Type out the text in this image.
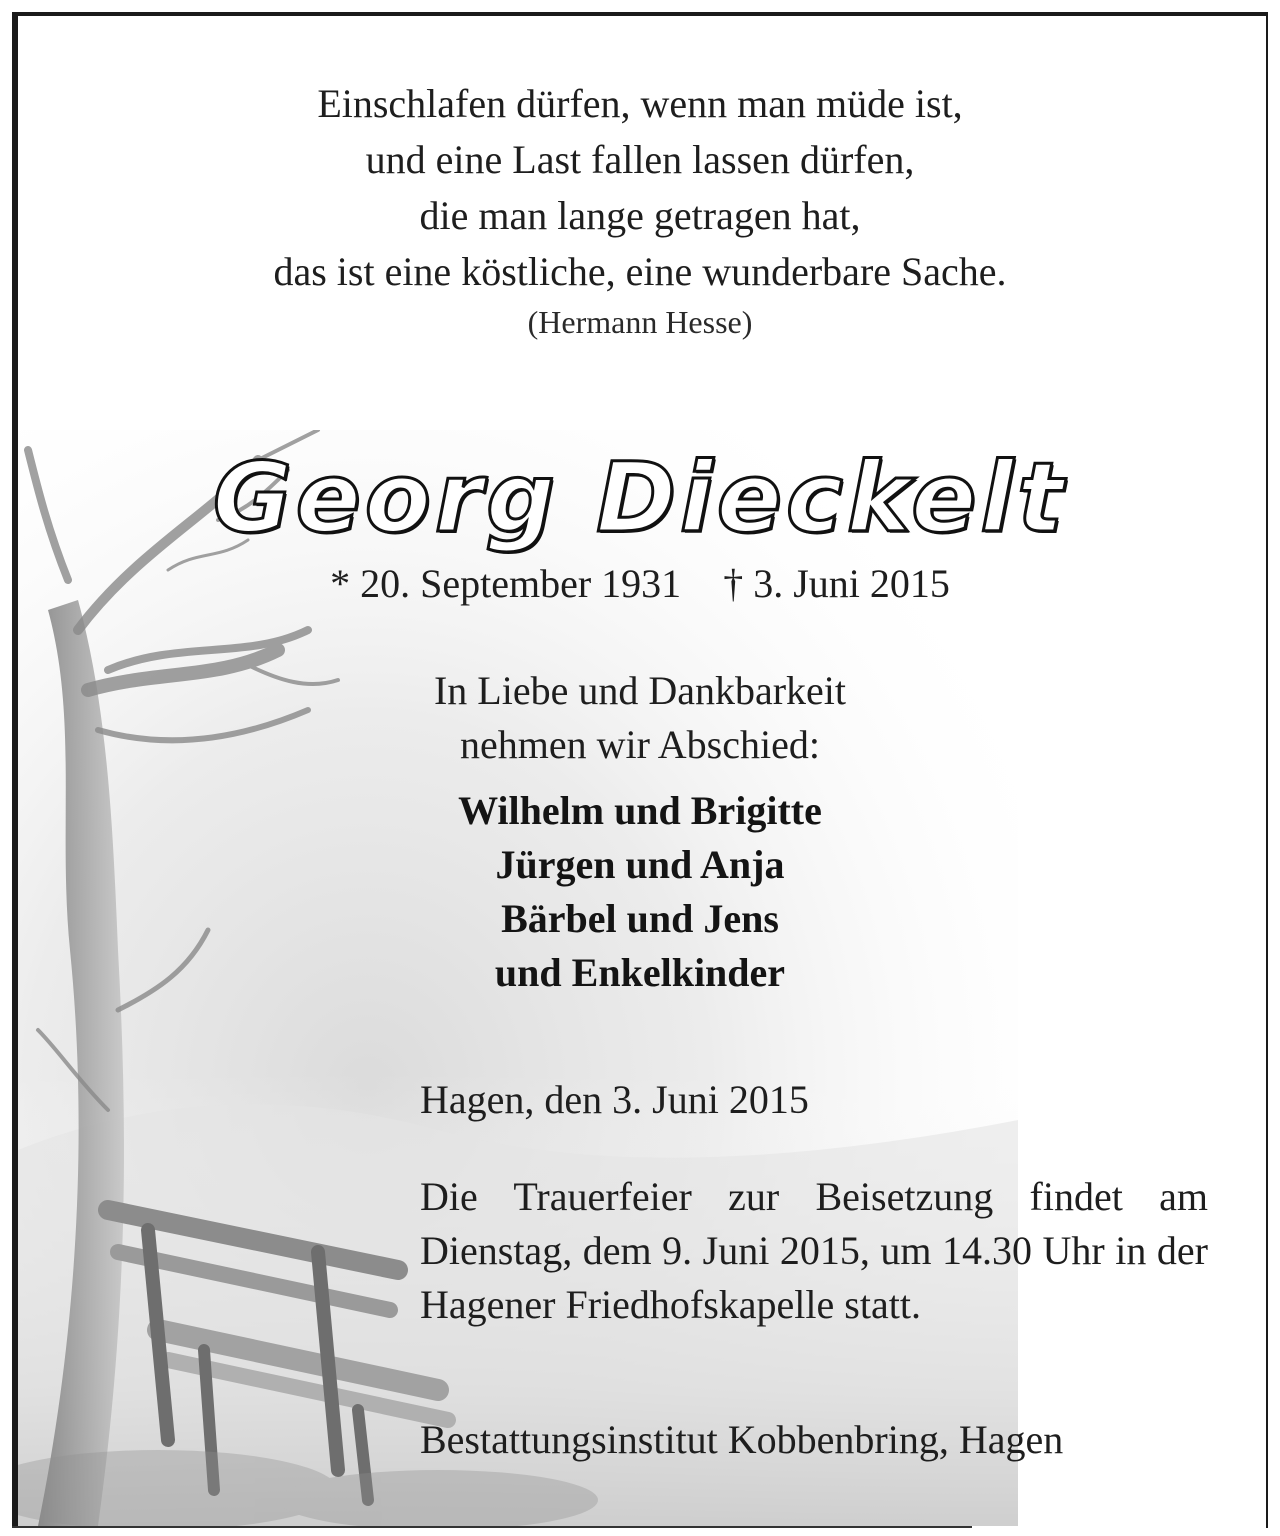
Einschlafen dürfen, wenn man müde ist,
und eine Last fallen lassen dürfen,
die man lange getragen hat,
das ist eine köstliche, eine wunderbare Sache.
(Hermann Hesse)
Georg Dieckelt
* 20. September 1931 † 3. Juni 2015
In Liebe und Dankbarkeit
nehmen wir Abschied:
Wilhelm und Brigitte
Jürgen und Anja
Bärbel und Jens
und Enkelkinder
Hagen, den 3. Juni 2015
Die Trauerfeier zur Beisetzung findet am Dienstag, dem 9. Juni 2015, um 14.30 Uhr in der Hagener Friedhofskapelle statt.
Bestattungsinstitut Kobbenbring, Hagen
